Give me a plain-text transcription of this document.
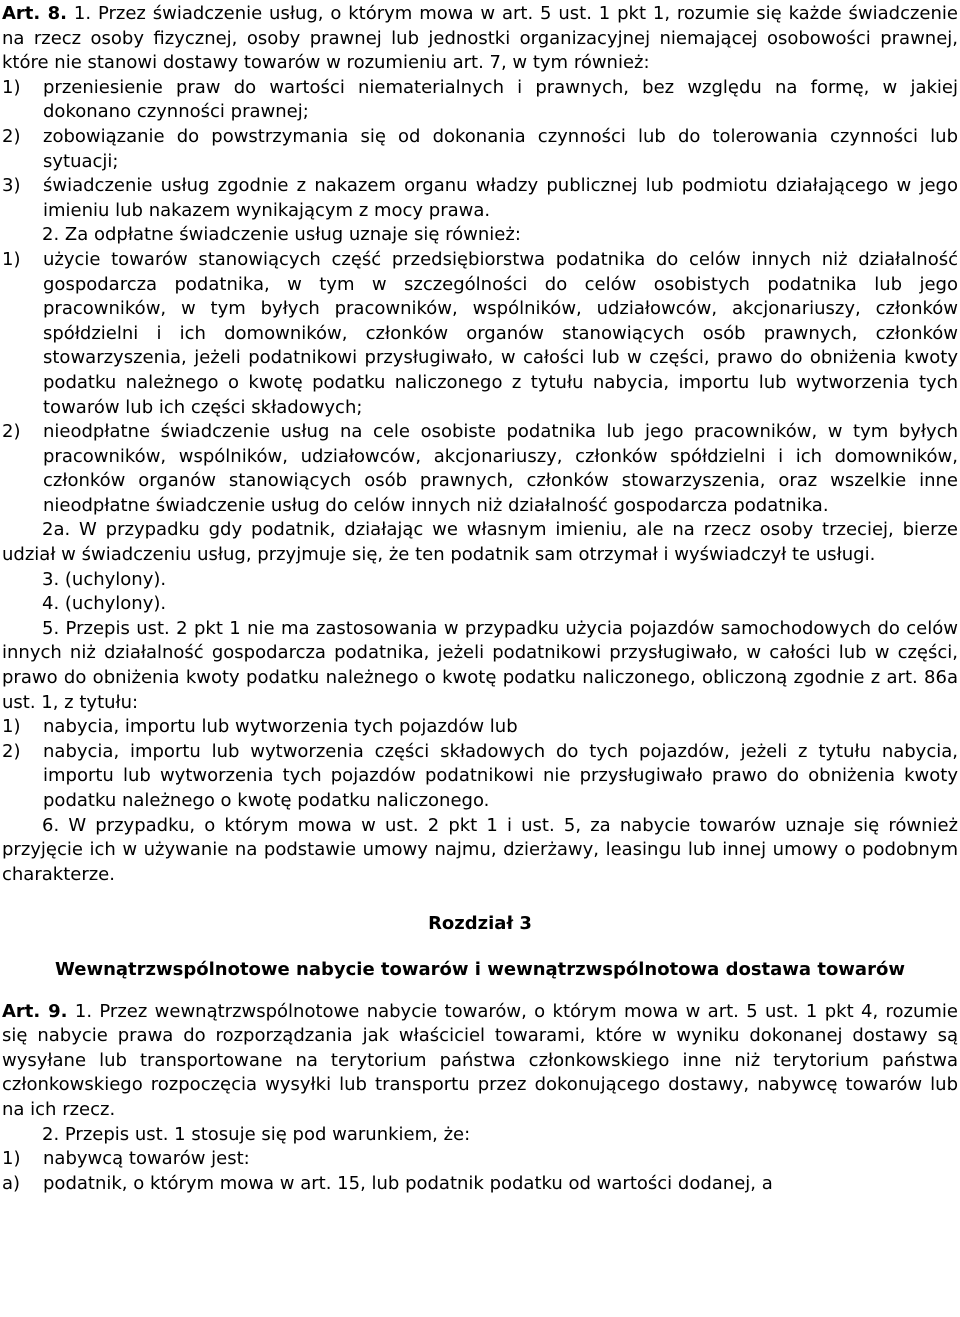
Art. 8. 1. Przez świadczenie usług, o którym mowa w art. 5 ust. 1 pkt 1, rozumie się każde świadczenie na rzecz osoby fizycznej, osoby prawnej lub jednostki organizacyjnej niemającej osobowości prawnej, które nie stanowi dostawy towarów w rozumieniu art. 7, w tym również:

1) przeniesienie praw do wartości niematerialnych i prawnych, bez względu na formę, w jakiej dokonano czynności prawnej;
2) zobowiązanie do powstrzymania się od dokonania czynności lub do tolerowania czynności lub sytuacji;
3) świadczenie usług zgodnie z nakazem organu władzy publicznej lub podmiotu działającego w jego imieniu lub nakazem wynikającym z mocy prawa.

2. Za odpłatne świadczenie usług uznaje się również:

1) użycie towarów stanowiących część przedsiębiorstwa podatnika do celów innych niż działalność gospodarcza podatnika, w tym w szczególności do celów osobistych podatnika lub jego pracowników, w tym byłych pracowników, wspólników, udziałowców, akcjonariuszy, członków spółdzielni i ich domowników, członków organów stanowiących osób prawnych, członków stowarzyszenia, jeżeli podatnikowi przysługiwało, w całości lub w części, prawo do obniżenia kwoty podatku należnego o kwotę podatku naliczonego z tytułu nabycia, importu lub wytworzenia tych towarów lub ich części składowych;
2) nieodpłatne świadczenie usług na cele osobiste podatnika lub jego pracowników, w tym byłych pracowników, wspólników, udziałowców, akcjonariuszy, członków spółdzielni i ich domowników, członków organów stanowiących osób prawnych, członków stowarzyszenia, oraz wszelkie inne nieodpłatne świadczenie usług do celów innych niż działalność gospodarcza podatnika.

2a. W przypadku gdy podatnik, działając we własnym imieniu, ale na rzecz osoby trzeciej, bierze udział w świadczeniu usług, przyjmuje się, że ten podatnik sam otrzymał i wyświadczył te usługi.

3. (uchylony).

4. (uchylony).

5. Przepis ust. 2 pkt 1 nie ma zastosowania w przypadku użycia pojazdów samochodowych do celów innych niż działalność gospodarcza podatnika, jeżeli podatnikowi przysługiwało, w całości lub w części, prawo do obniżenia kwoty podatku należnego o kwotę podatku naliczonego, obliczoną zgodnie z art. 86a ust. 1, z tytułu:

1) nabycia, importu lub wytworzenia tych pojazdów lub
2) nabycia, importu lub wytworzenia części składowych do tych pojazdów, jeżeli z tytułu nabycia, importu lub wytworzenia tych pojazdów podatnikowi nie przysługiwało prawo do obniżenia kwoty podatku należnego o kwotę podatku naliczonego.

6. W przypadku, o którym mowa w ust. 2 pkt 1 i ust. 5, za nabycie towarów uznaje się również przyjęcie ich w używanie na podstawie umowy najmu, dzierżawy, leasingu lub innej umowy o podobnym charakterze.

Rozdział 3

Wewnątrzwspólnotowe nabycie towarów i wewnątrzwspólnotowa dostawa towarów

Art. 9. 1. Przez wewnątrzwspólnotowe nabycie towarów, o którym mowa w art. 5 ust. 1 pkt 4, rozumie się nabycie prawa do rozporządzania jak właściciel towarami, które w wyniku dokonanej dostawy są wysyłane lub transportowane na terytorium państwa członkowskiego inne niż terytorium państwa członkowskiego rozpoczęcia wysyłki lub transportu przez dokonującego dostawy, nabywcę towarów lub na ich rzecz.

2. Przepis ust. 1 stosuje się pod warunkiem, że:

1) nabywcą towarów jest:
a) podatnik, o którym mowa w art. 15, lub podatnik podatku od wartości dodanej, a
